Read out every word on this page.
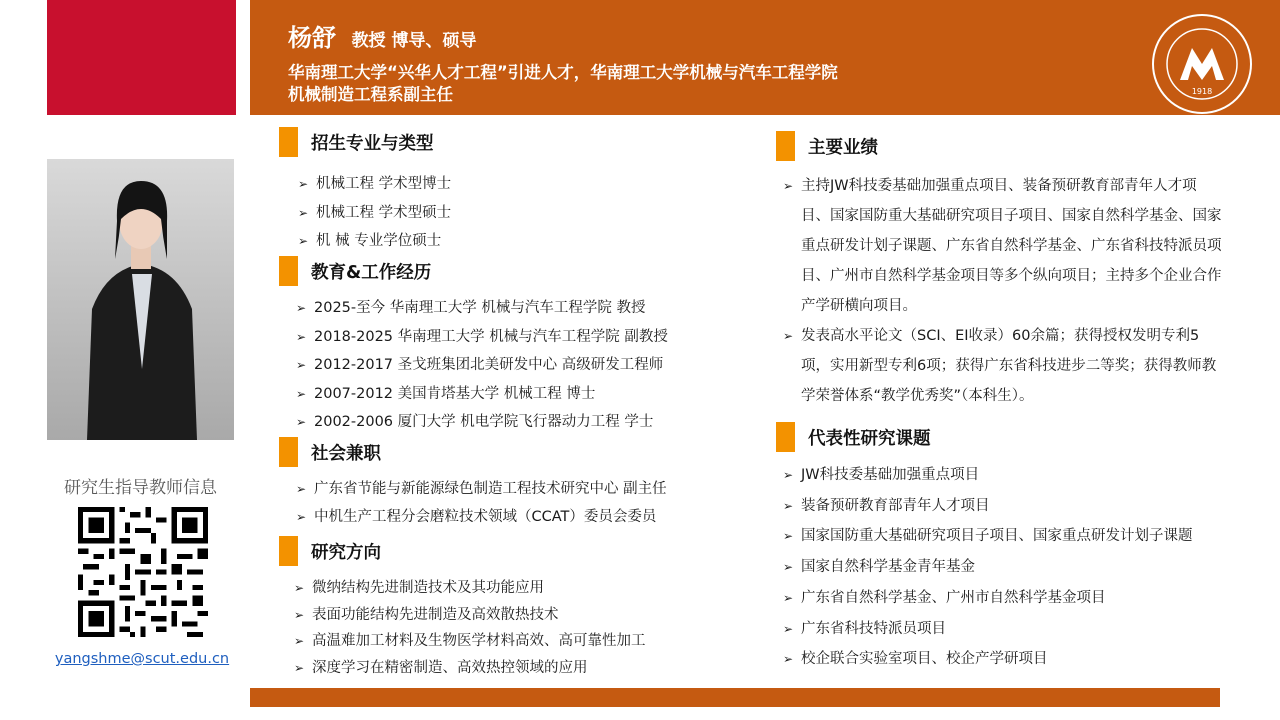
杨舒 教授 博导、硕导
华南理工大学“兴华人才工程”引进人才，华南理工大学机械与汽车工程学院
机械制造工程系副主任	1918
研究生指导教师信息
yangshme@scut.edu.cn
招生专业与类型
➢ 机械工程 学术型博士
➢ 机械工程 学术型硕士
➢ 机 械 专业学位硕士
教育&工作经历
➢ 2025-至今 华南理工大学 机械与汽车工程学院 教授
➢ 2018-2025 华南理工大学 机械与汽车工程学院 副教授
➢ 2012-2017 圣戈班集团北美研发中心 高级研发工程师
➢ 2007-2012 美国肯塔基大学 机械工程 博士
➢ 2002-2006 厦门大学 机电学院飞行器动力工程 学士
社会兼职
➢ 广东省节能与新能源绿色制造工程技术研究中心 副主任
➢ 中机生产工程分会磨粒技术领域（CCAT）委员会委员
研究方向
➢ 微纳结构先进制造技术及其功能应用
➢ 表面功能结构先进制造及高效散热技术
➢ 高温难加工材料及生物医学材料高效、高可靠性加工
➢ 深度学习在精密制造、高效热控领域的应用
主要业绩
➢ 主持JW科技委基础加强重点项目、装备预研教育部青年人才项目、国家国防重大基础研究项目子项目、国家自然科学基金、国家重点研发计划子课题、广东省自然科学基金、广东省科技特派员项目、广州市自然科学基金项目等多个纵向项目；主持多个企业合作产学研横向项目。
➢ 发表高水平论文（SCI、EI收录）60余篇；获得授权发明专利5项，实用新型专利6项；获得广东省科技进步二等奖；获得教师教学荣誉体系“教学优秀奖”（本科生）。
代表性研究课题
➢ JW科技委基础加强重点项目
➢ 装备预研教育部青年人才项目
➢ 国家国防重大基础研究项目子项目、国家重点研发计划子课题
➢ 国家自然科学基金青年基金
➢ 广东省自然科学基金、广州市自然科学基金项目
➢ 广东省科技特派员项目
➢ 校企联合实验室项目、校企产学研项目
